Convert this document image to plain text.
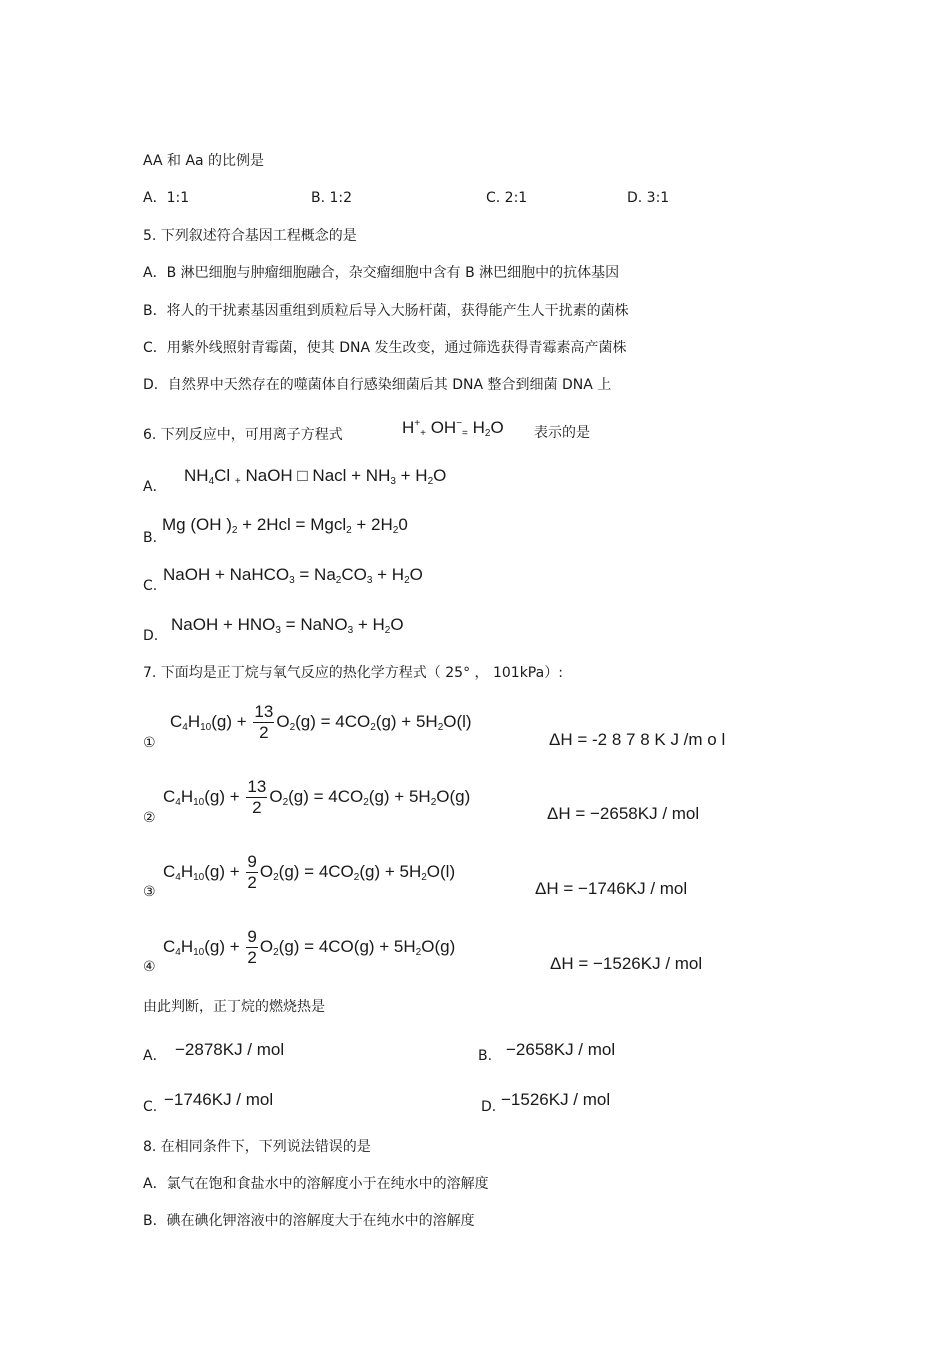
AA 和 Aa 的比例是
A．1:1	B. 1:2	C. 2:1	D. 3:1
5. 下列叙述符合基因工程概念的是
A．B 淋巴细胞与肿瘤细胞融合，杂交瘤细胞中含有 B 淋巴细胞中的抗体基因
B．将人的干扰素基因重组到质粒后导入大肠杆菌，获得能产生人干扰素的菌株
C．用紫外线照射青霉菌，使其 DNA 发生改变，通过筛选获得青霉素高产菌株
D．自然界中天然存在的噬菌体自行感染细菌后其 DNA 整合到细菌 DNA 上
6. 下列反应中，可用离子方程式	$H^+_+$ $OH^-_=$ $H_2O$ 表示的是
A．
$NH_4Cl$ $_+$ NaOH □ Nacl + $NH_3 + H_2O$
B.
Mg (OH )$_2 + 2Hcl$ = Mgcl$_2$ + $2H_20$
C.
NaOH + NaHCO$_3$ = $Na_2CO_3 + H_2O$
D.
NaOH + $HNO_3$ = NaNO$_3$ + $H_2O$
7. 下面均是正丁烷与氧气反应的热化学方程式（ 25° ， 101kPa）:
①
$C_4H_{10}(g) + \frac{13}{2} O_2(g) = 4CO_2(g) + 5H_2O(l)$
ΔH = -2 8 7 8 K J /m o l
②
$C_4H_{10}(g) + \frac{13}{2} O_2(g) = 4CO_2(g) + 5H_2O(g)$
ΔH = −2658KJ / mol
③
$C_4H_{10}(g) + \frac{9}{2} O_2(g) = 4CO_2(g) + 5H_2O(l)$
ΔH = −1746KJ / mol
④
$C_4H_{10}(g) + \frac{9}{2} O_2(g) = 4CO(g) + 5H_2O(g)$
ΔH = −1526KJ / mol
由此判断，正丁烷的燃烧热是
A． −2878KJ / mol	B. −2658KJ / mol
C. −1746KJ / mol	D. −1526KJ / mol
8. 在相同条件下，下列说法错误的是
A．氯气在饱和食盐水中的溶解度小于在纯水中的溶解度
B．碘在碘化钾溶液中的溶解度大于在纯水中的溶解度
